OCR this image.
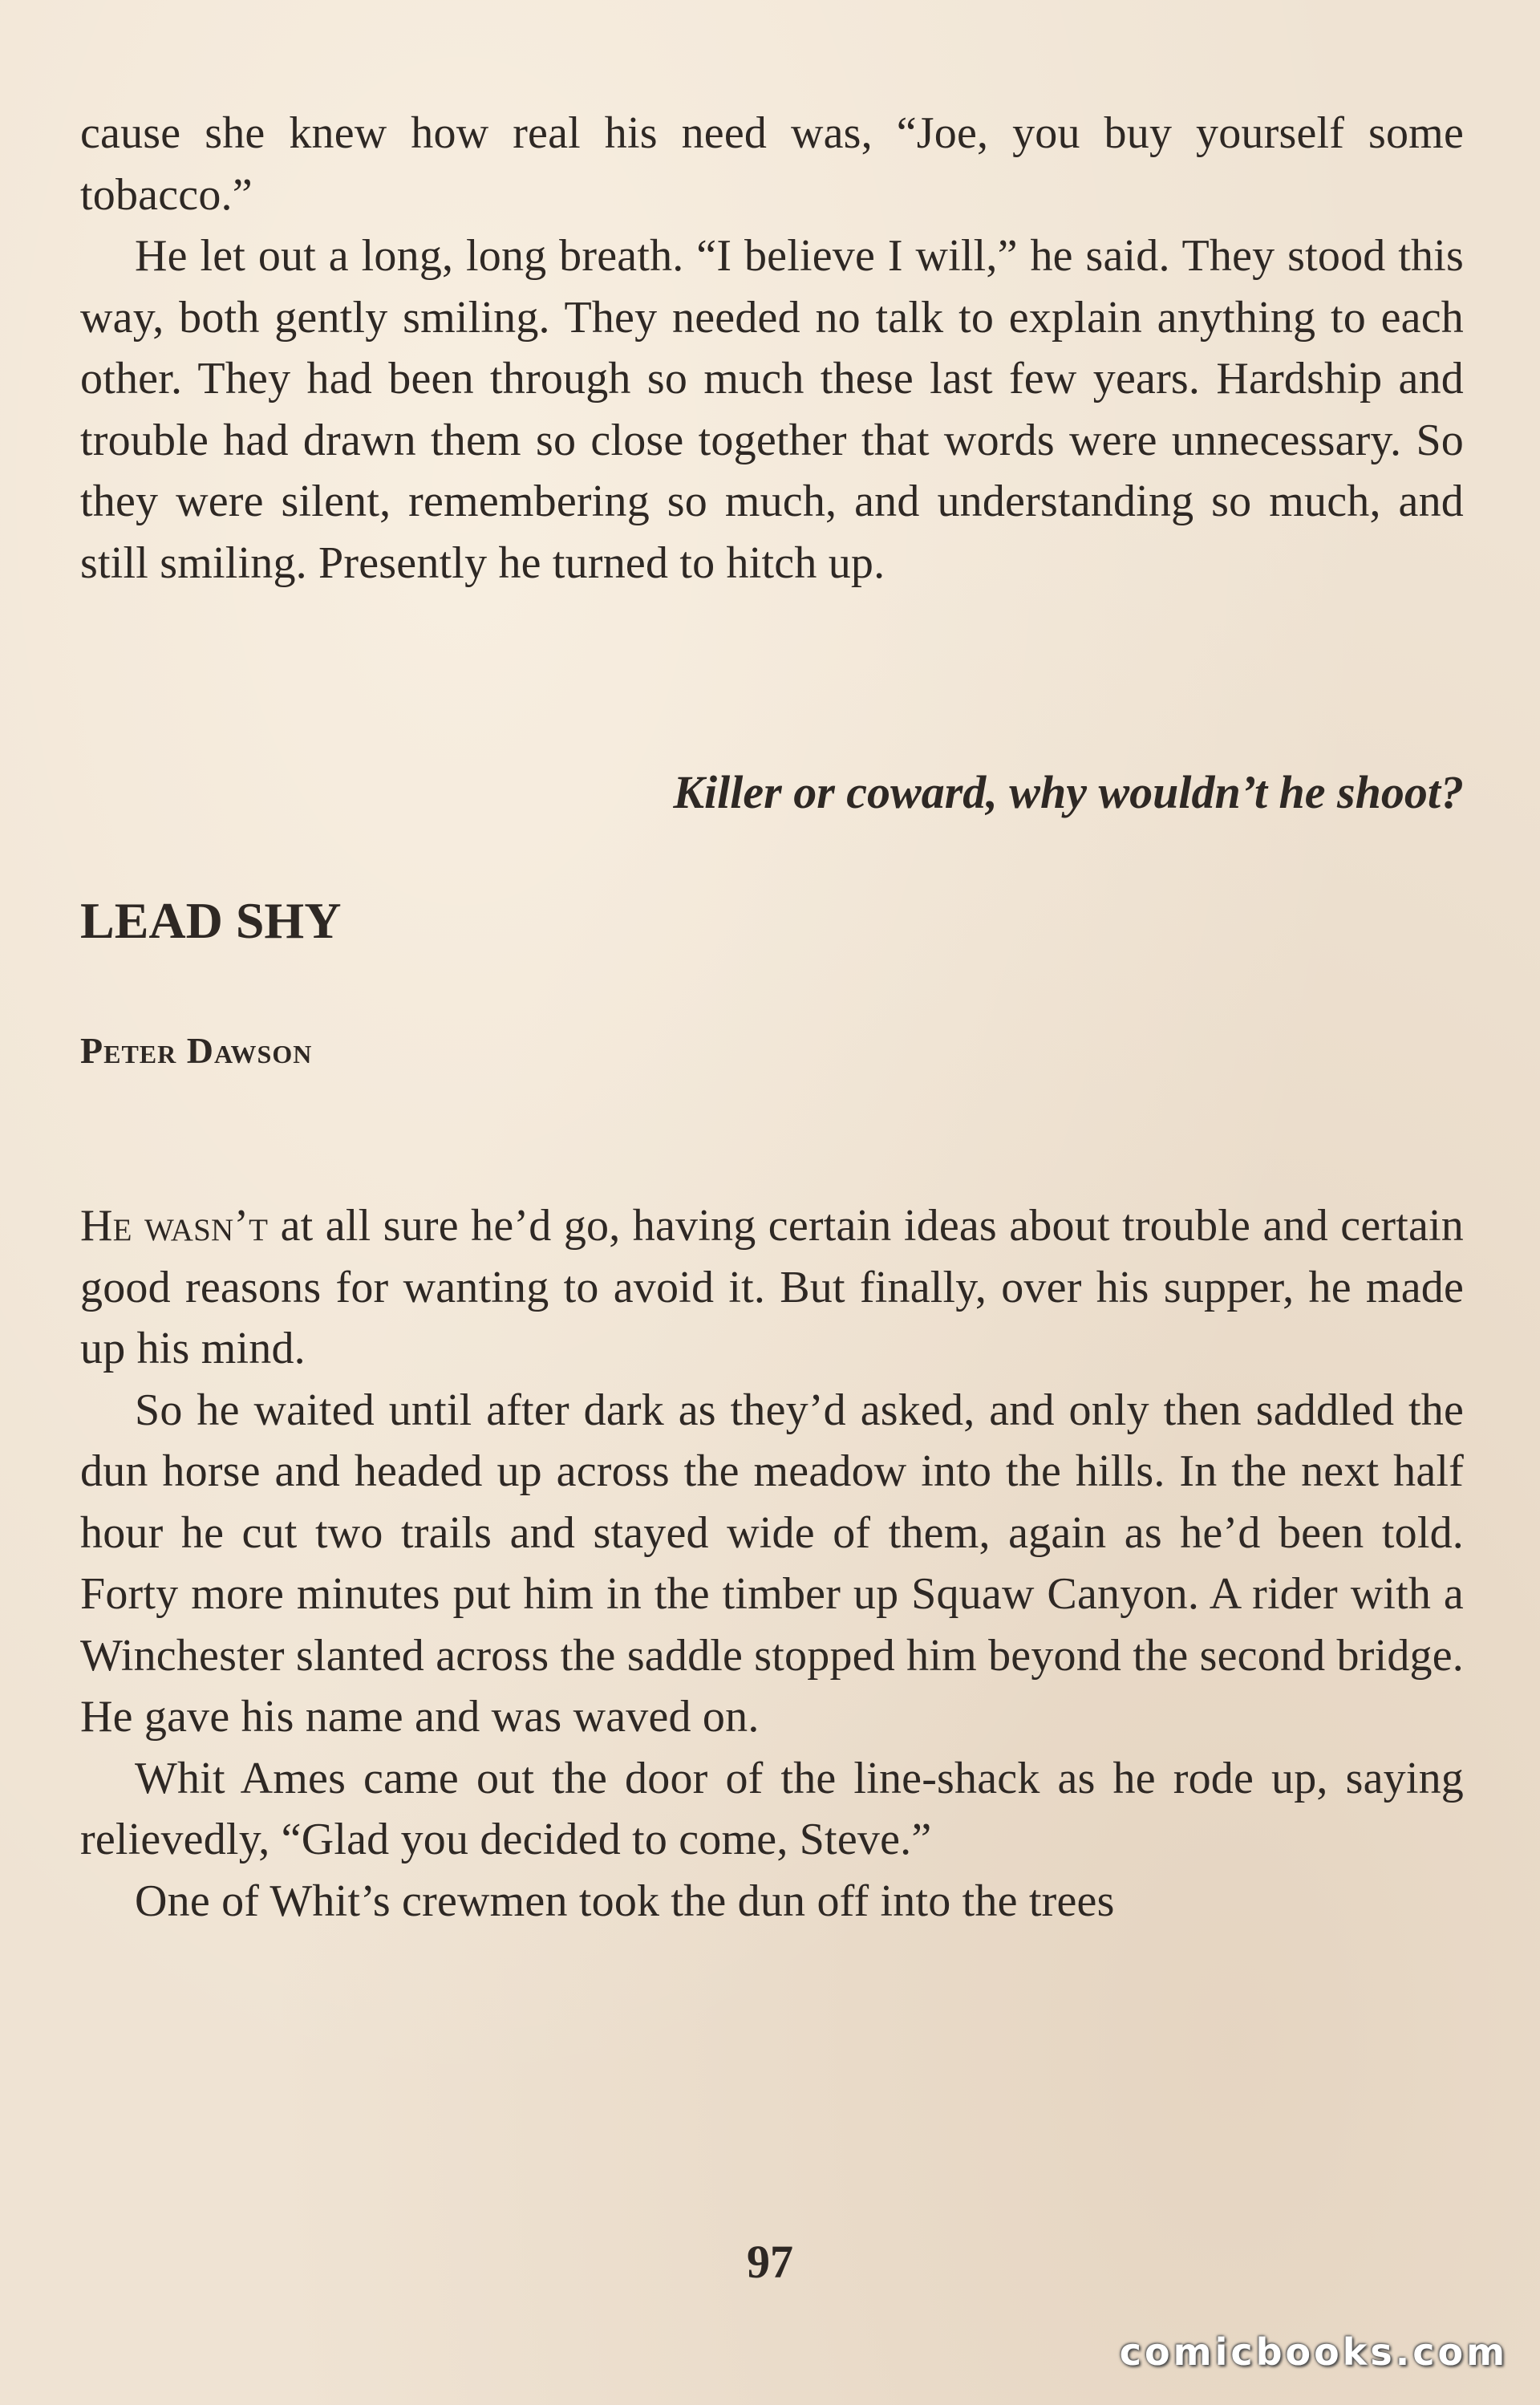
cause she knew how real his need was, “Joe, you buy yourself some tobacco.”

He let out a long, long breath. “I believe I will,” he said. They stood this way, both gently smiling. They needed no talk to explain anything to each other. They had been through so much these last few years. Hardship and trouble had drawn them so close together that words were unnecessary. So they were silent, remembering so much, and understanding so much, and still smiling. Presently he turned to hitch up.

Killer or coward, why wouldn’t he shoot?

LEAD SHY
Peter Dawson

He wasn’t at all sure he’d go, having certain ideas about trouble and certain good reasons for wanting to avoid it. But finally, over his supper, he made up his mind.

So he waited until after dark as they’d asked, and only then saddled the dun horse and headed up across the meadow into the hills. In the next half hour he cut two trails and stayed wide of them, again as he’d been told. Forty more minutes put him in the timber up Squaw Canyon. A rider with a Winchester slanted across the saddle stopped him beyond the second bridge. He gave his name and was waved on.

Whit Ames came out the door of the line-shack as he rode up, saying relievedly, “Glad you decided to come, Steve.”

One of Whit’s crewmen took the dun off into the trees

97
comicbooks.com
